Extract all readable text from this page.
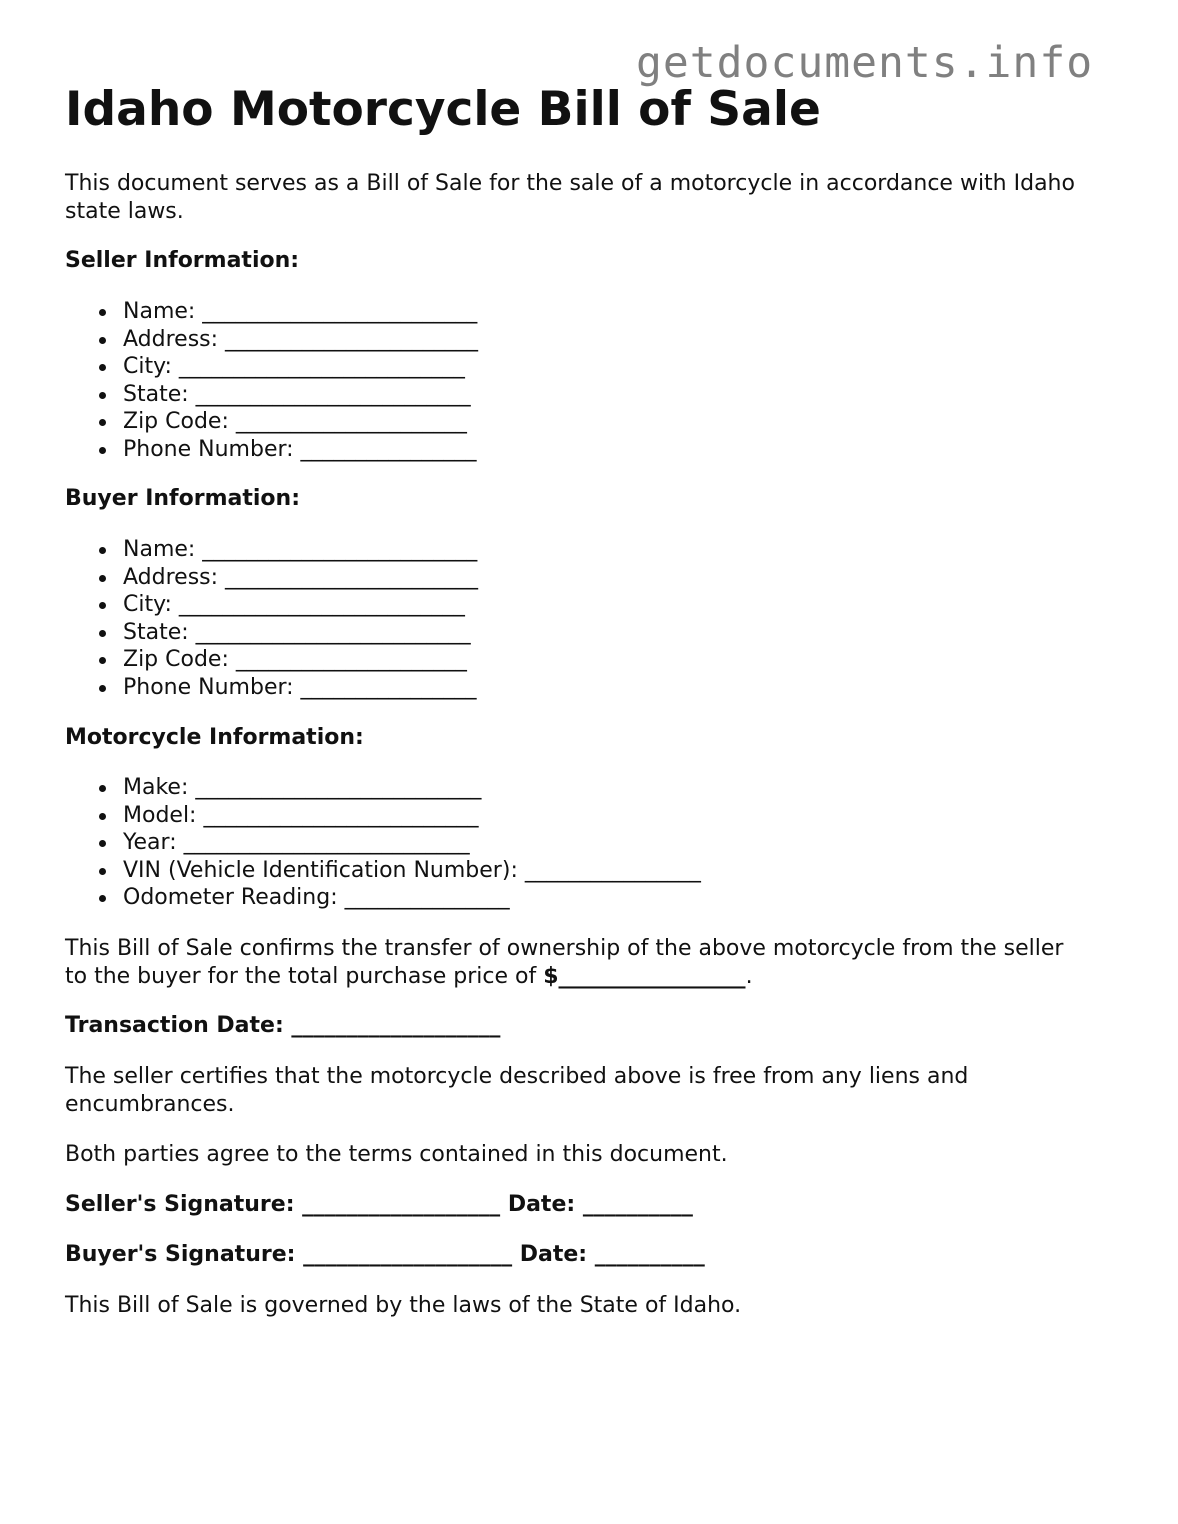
getdocuments.info
Idaho Motorcycle Bill of Sale

This document serves as a Bill of Sale for the sale of a motorcycle in accordance with Idaho state laws.

Seller Information:

Name: _________________________
Address: _______________________
City: __________________________
State: _________________________
Zip Code: _____________________
Phone Number: ________________

Buyer Information:

Name: _________________________
Address: _______________________
City: __________________________
State: _________________________
Zip Code: _____________________
Phone Number: ________________

Motorcycle Information:

Make: __________________________
Model: _________________________
Year: __________________________
VIN (Vehicle Identification Number): ________________
Odometer Reading: _______________

This Bill of Sale confirms the transfer of ownership of the above motorcycle from the seller to the buyer for the total purchase price of $_________________.

Transaction Date: ___________________

The seller certifies that the motorcycle described above is free from any liens and encumbrances.

Both parties agree to the terms contained in this document.

Seller's Signature: __________________ Date: __________

Buyer's Signature: ___________________ Date: __________

This Bill of Sale is governed by the laws of the State of Idaho.
